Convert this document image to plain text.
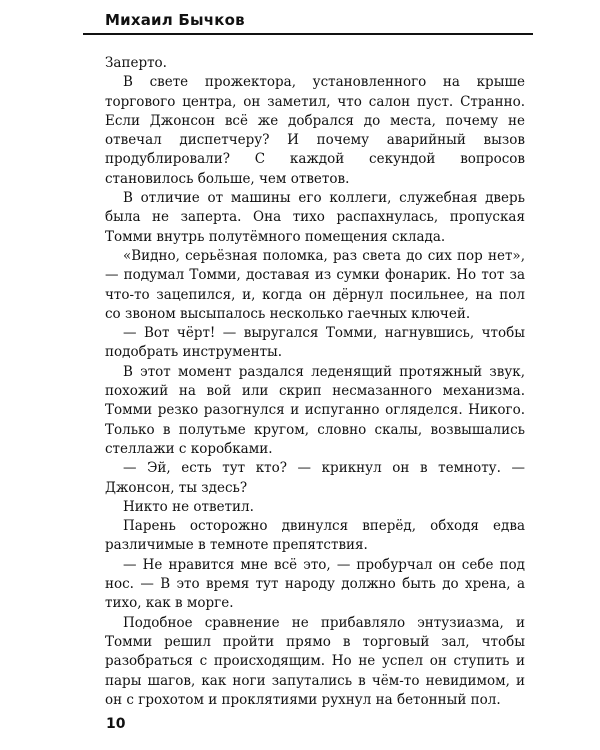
Михаил Бычков

Заперто.

В свете прожектора, установленного на крыше торгового центра, он заметил, что салон пуст. Странно. Если Джонсон всё же добрался до места, почему не отвечал диспетчеру? И почему аварийный вызов продублировали? С каждой секундой вопросов становилось больше, чем ответов.

В отличие от машины его коллеги, служебная дверь была не заперта. Она тихо распахнулась, пропуская Томми внутрь полутёмного помещения склада.

«Видно, серьёзная поломка, раз света до сих пор нет», — подумал Томми, доставая из сумки фонарик. Но тот за что-то зацепился, и, когда он дёрнул посильнее, на пол со звоном высыпалось несколько гаечных ключей.

— Вот чёрт! — выругался Томми, нагнувшись, чтобы подобрать инструменты.

В этот момент раздался леденящий протяжный звук, похожий на вой или скрип несмазанного механизма. Томми резко разогнулся и испуганно огляделся. Никого. Только в полутьме кругом, словно скалы, возвышались стеллажи с коробками.

— Эй, есть тут кто? — крикнул он в темноту. — Джонсон, ты здесь?

Никто не ответил.

Парень осторожно двинулся вперёд, обходя едва различимые в темноте препятствия.

— Не нравится мне всё это, — пробурчал он себе под нос. — В это время тут народу должно быть до хрена, а тихо, как в морге.

Подобное сравнение не прибавляло энтузиазма, и Томми решил пройти прямо в торговый зал, чтобы разобраться с происходящим. Но не успел он ступить и пары шагов, как ноги запутались в чём-то невидимом, и он с грохотом и проклятиями рухнул на бетонный пол.

10
